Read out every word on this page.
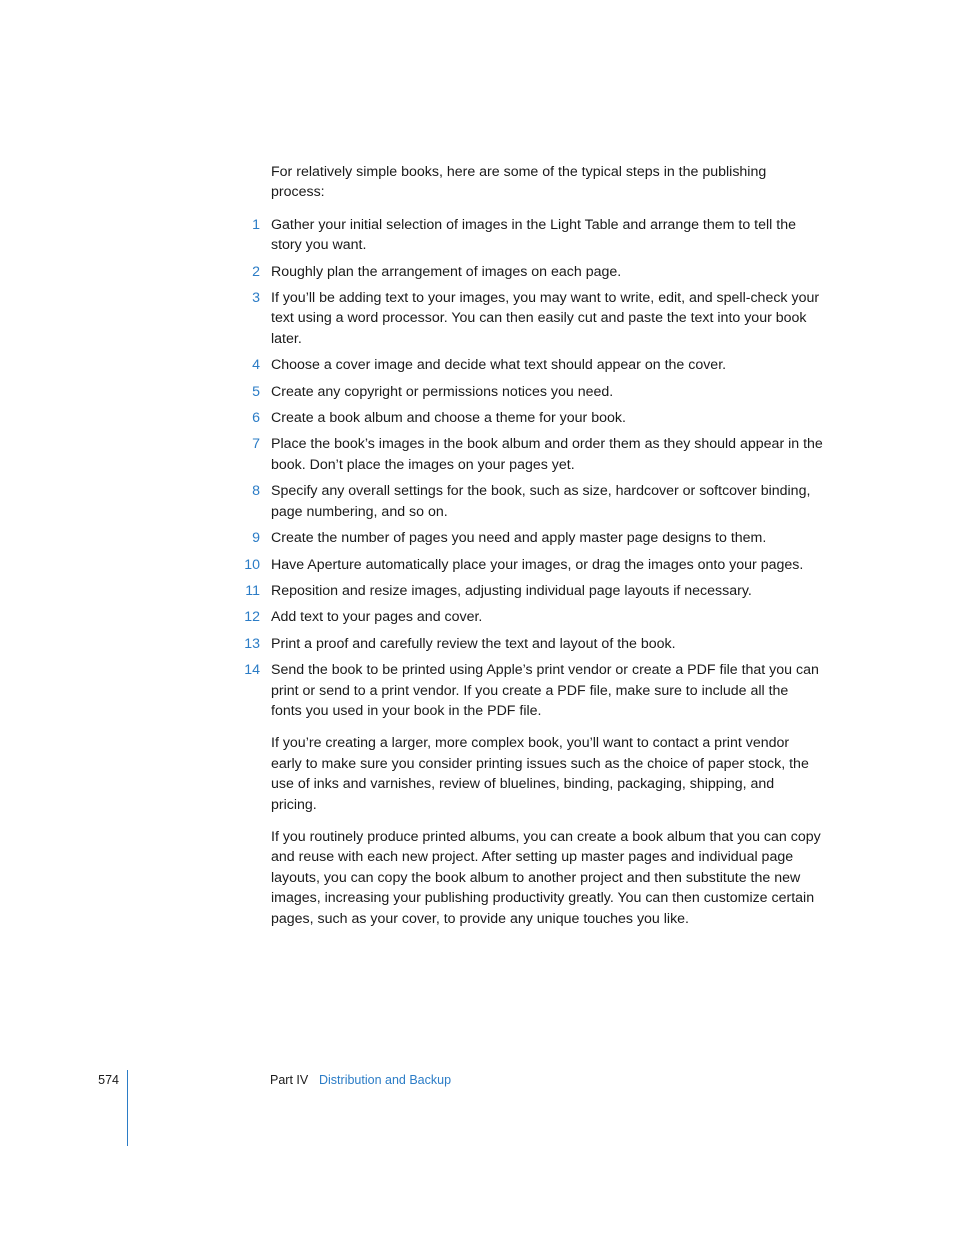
For relatively simple books, here are some of the typical steps in the publishing process:

1 Gather your initial selection of images in the Light Table and arrange them to tell the story you want.
2 Roughly plan the arrangement of images on each page.
3 If you’ll be adding text to your images, you may want to write, edit, and spell-check your text using a word processor. You can then easily cut and paste the text into your book later.
4 Choose a cover image and decide what text should appear on the cover.
5 Create any copyright or permissions notices you need.
6 Create a book album and choose a theme for your book.
7 Place the book’s images in the book album and order them as they should appear in the book. Don’t place the images on your pages yet.
8 Specify any overall settings for the book, such as size, hardcover or softcover binding, page numbering, and so on.
9 Create the number of pages you need and apply master page designs to them.
10 Have Aperture automatically place your images, or drag the images onto your pages.
11 Reposition and resize images, adjusting individual page layouts if necessary.
12 Add text to your pages and cover.
13 Print a proof and carefully review the text and layout of the book.
14 Send the book to be printed using Apple’s print vendor or create a PDF file that you can print or send to a print vendor. If you create a PDF file, make sure to include all the fonts you used in your book in the PDF file.

If you’re creating a larger, more complex book, you’ll want to contact a print vendor early to make sure you consider printing issues such as the choice of paper stock, the use of inks and varnishes, review of bluelines, binding, packaging, shipping, and pricing.

If you routinely produce printed albums, you can create a book album that you can copy and reuse with each new project. After setting up master pages and individual page layouts, you can copy the book album to another project and then substitute the new images, increasing your publishing productivity greatly. You can then customize certain pages, such as your cover, to provide any unique touches you like.

574	Part IV Distribution and Backup
